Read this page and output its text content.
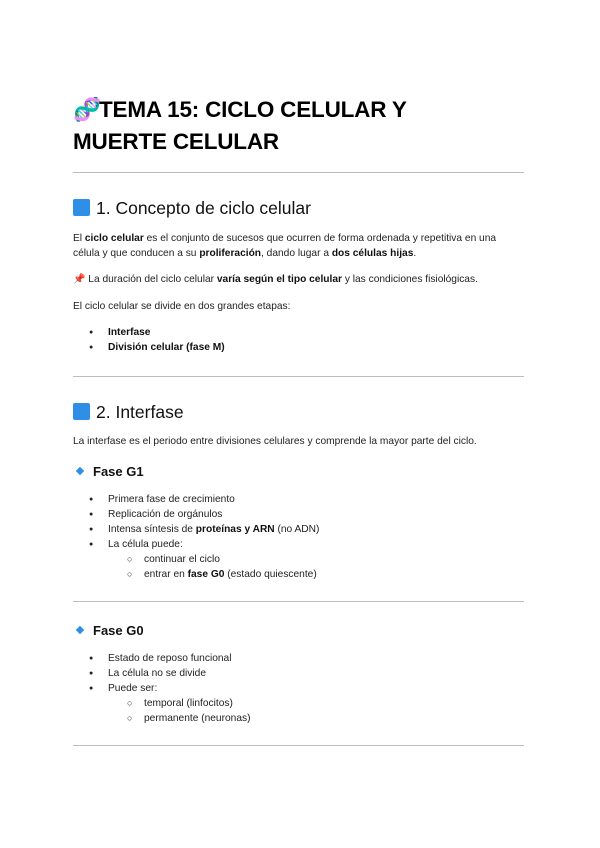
🧬TEMA 15: CICLO CELULAR Y
MUERTE CELULAR
1. Concepto de ciclo celular
El ciclo celular es el conjunto de sucesos que ocurren de forma ordenada y repetitiva en una célula y que conducen a su proliferación, dando lugar a dos células hijas.
📌 La duración del ciclo celular varía según el tipo celular y las condiciones fisiológicas.
El ciclo celular se divide en dos grandes etapas:
● Interfase
● División celular (fase M)
2. Interfase
La interfase es el periodo entre divisiones celulares y comprende la mayor parte del ciclo.
Fase G1
● Primera fase de crecimiento
● Replicación de orgánulos
● Intensa síntesis de proteínas y ARN (no ADN)
● La célula puede:
○ continuar el ciclo
○ entrar en fase G0 (estado quiescente)
Fase G0
● Estado de reposo funcional
● La célula no se divide
● Puede ser:
○ temporal (linfocitos)
○ permanente (neuronas)
